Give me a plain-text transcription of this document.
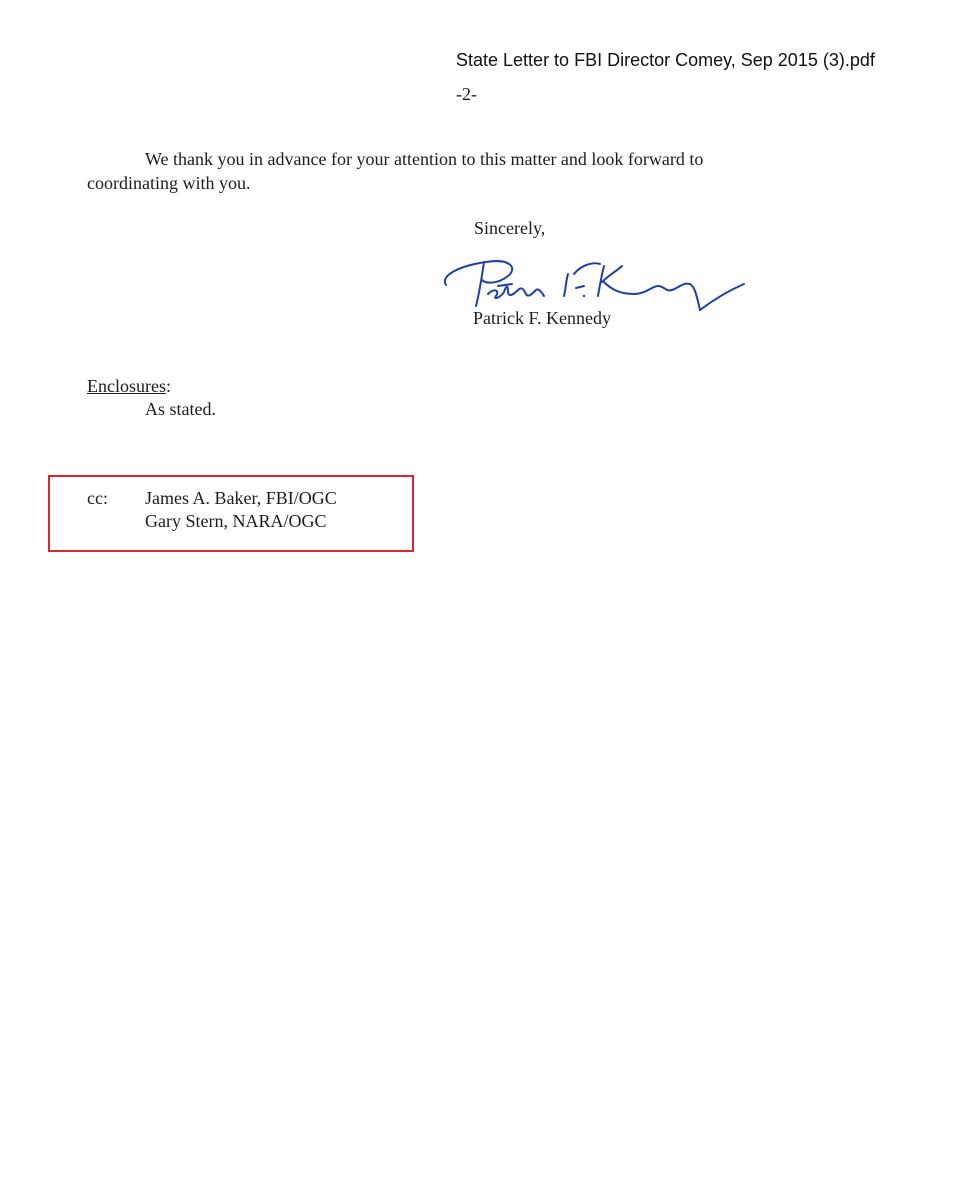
State Letter to FBI Director Comey, Sep 2015 (3).pdf
-2-
We thank you in advance for your attention to this matter and look forward to
coordinating with you.
Sincerely,
Patrick F. Kennedy
Enclosures:
As stated.
cc: James A. Baker, FBI/OGC
Gary Stern, NARA/OGC
